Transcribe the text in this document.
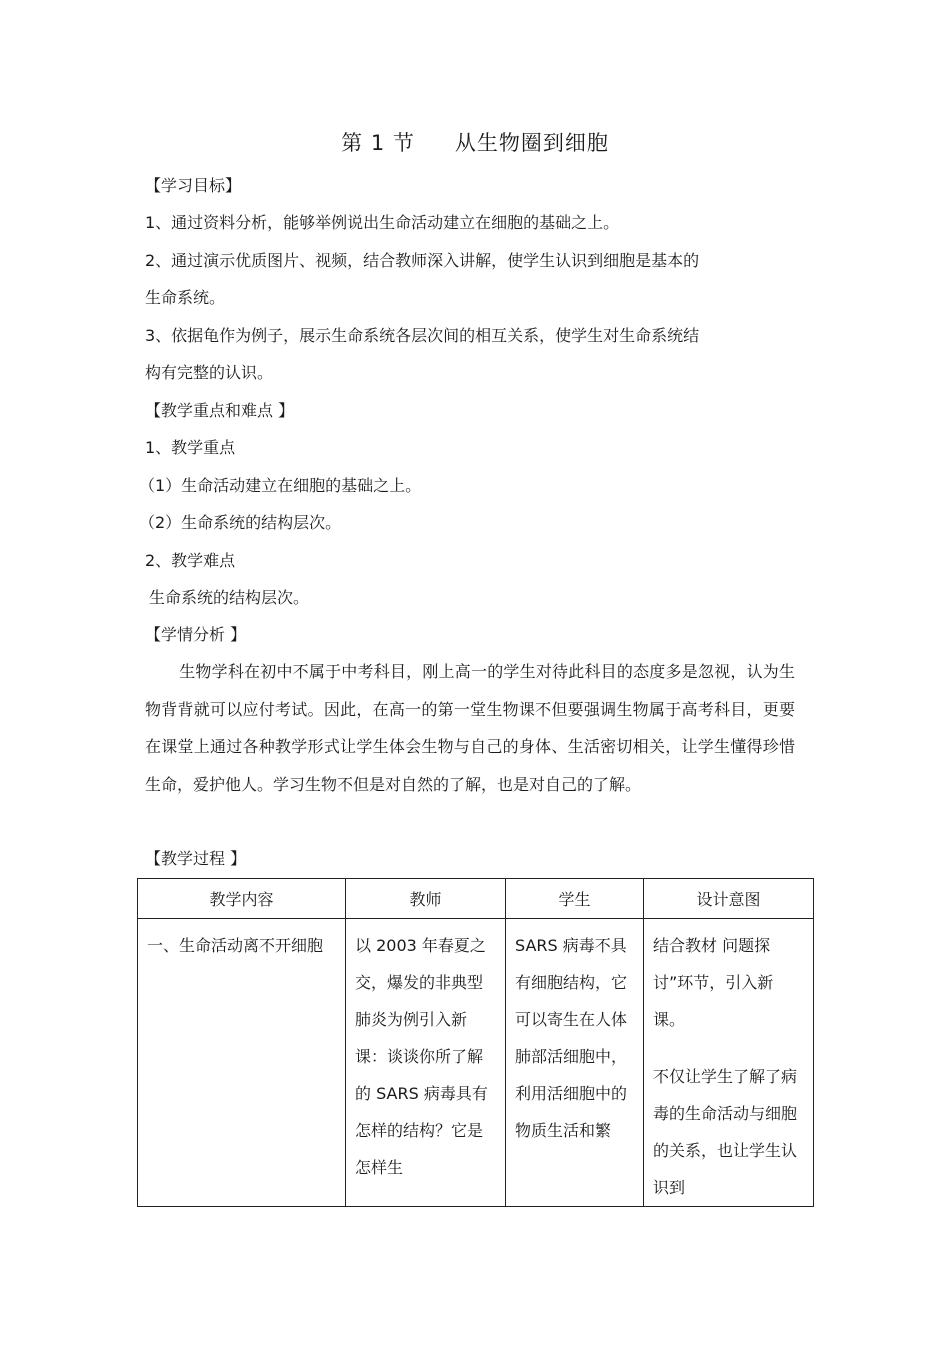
第 1 节 从生物圈到细胞
【学习目标】
1、通过资料分析，能够举例说出生命活动建立在细胞的基础之上。
2、通过演示优质图片、视频，结合教师深入讲解，使学生认识到细胞是基本的
生命系统。
3、依据龟作为例子，展示生命系统各层次间的相互关系，使学生对生命系统结
构有完整的认识。
【教学重点和难点 】
1、教学重点
（1）生命活动建立在细胞的基础之上。
（2）生命系统的结构层次。
2、教学难点
生命系统的结构层次。
【学情分析 】
生物学科在初中不属于中考科目，刚上高一的学生对待此科目的态度多是忽视，认为生物背背就可以应付考试。因此，在高一的第一堂生物课不但要强调生物属于高考科目，更要在课堂上通过各种教学形式让学生体会生物与自己的身体、生活密切相关，让学生懂得珍惜生命，爱护他人。学习生物不但是对自然的了解，也是对自己的了解。
【教学过程 】
教学内容	教师	学生	设计意图

一、生命活动离不开细胞	以 2003 年春夏之交，爆发的非典型肺炎为例引入新课：谈谈你所了解的 SARS 病毒具有怎样的结构？它是怎样生	SARS 病毒不具有细胞结构，它可以寄生在人体肺部活细胞中，利用活细胞中的物质生活和繁	结合教材 问题探讨”环节，引入新课。
不仅让学生了解了病毒的生命活动与细胞的关系，也让学生认识到
